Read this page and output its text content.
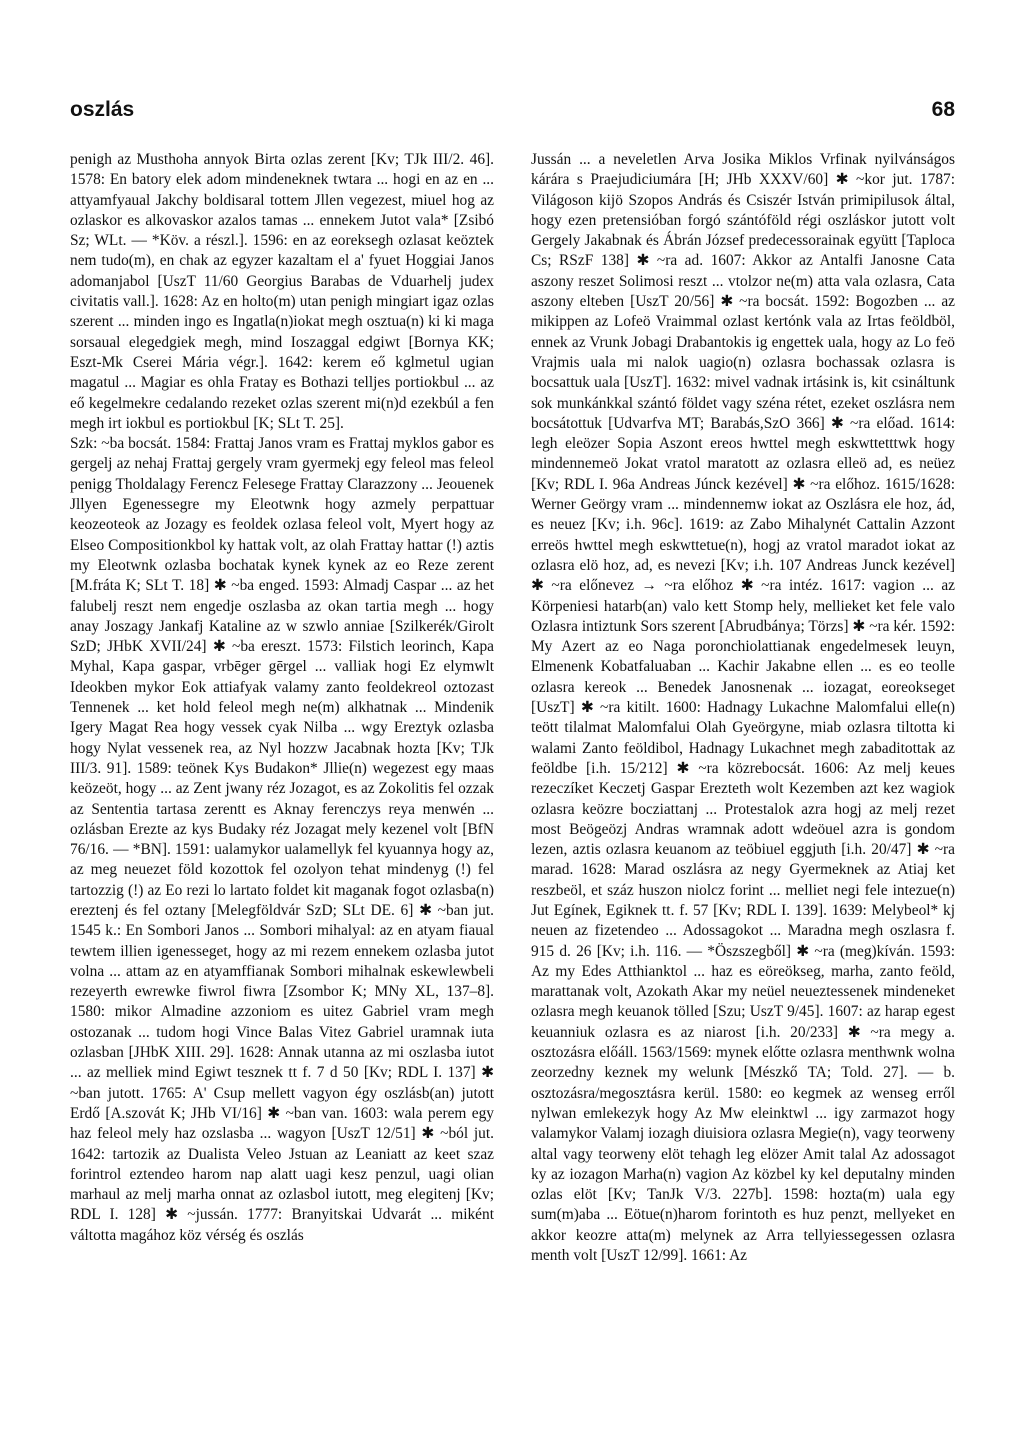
oszlás	68

penigh az Musthoha annyok Birta ozlas zerent [Kv; TJk III/2. 46]. 1578: En batory elek adom mindeneknek twtara ... hogi en az en ... attyamfyaual Jakchy boldisaral tottem Jllen vegezest, miuel hog az ozlaskor es alkovaskor azalos tamas ... ennekem Jutot vala* [Zsibó Sz; WLt. — *Köv. a részl.]. 1596: en az eoreksegh ozlasat keöztek nem tudo(m), en chak az egyzer kazaltam el a' fyuet Hoggiai Janos adomanjabol [UszT 11/60 Georgius Barabas de Vduarhelj judex civitatis vall.]. 1628: Az en holto(m) utan penigh mingiart igaz ozlas szerent ... minden ingo es Ingatla(n)iokat megh osztua(n) ki ki maga sorsaual elegedgiek megh, mind Ioszaggal edgiwt [Bornya KK; Eszt-Mk Cserei Mária végr.]. 1642: kerem eő kglmetul ugian magatul ... Magiar es ohla Fratay es Bothazi telljes portiokbul ... az eő kegelmekre cedalando rezeket ozlas szerent mi(n)d ezekbúl a fen megh irt iokbul es portiokbul [K; SLt T. 25].

Szk: ~ba bocsát. 1584: Frattaj Janos vram es Frattaj myklos gabor es gergelj az nehaj Frattaj gergely vram gyermekj egy feleol mas feleol penigg Tholdalagy Ferencz Felesege Frattay Clarazzony ... Jeouenek Jllyen Egenessegre my Eleotwnk hogy azmely perpattuar keozeoteok az Jozagy es feoldek ozlasa feleol volt, Myert hogy az Elseo Compositionkbol ky hattak volt, az olah Frattay hattar (!) aztis my Eleotwnk ozlasba bochatak kynek kynek az eo Reze zerent [M.fráta K; SLt T. 18] ✱ ~ba enged. 1593: Almadj Caspar ... az het falubelj reszt nem engedje oszlasba az okan tartia megh ... hogy anay Joszagy Jankafj Kataline az w szwlo anniae [Szilkerék/Girolt SzD; JHbK XVII/24] ✱ ~ba ereszt. 1573: Filstich leorinch, Kapa Myhal, Kapa gaspar, vrbēger gērgel ... valliak hogi Ez elymwlt Ideokben mykor Eok attiafyak valamy zanto feoldekreol oztozast Tennenek ... ket hold feleol megh ne(m) alkhatnak ... Mindenik Igery Magat Rea hogy vessek cyak Nilba ... wgy Ereztyk ozlasba hogy Nylat vessenek rea, az Nyl hozzw Jacabnak hozta [Kv; TJk III/3. 91]. 1589: teönek Kys Budakon* Jllie(n) wegezest egy maas keözeöt, hogy ... az Zent jwany réz Jozagot, es az Zokolitis fel ozzak az Sententia tartasa zerentt es Aknay ferenczys reya menwén ... ozlásban Erezte az kys Budaky réz Jozagat mely kezenel volt [BfN 76/16. — *BN]. 1591: ualamykor ualamellyk fel kyuannya hogy az, az meg neuezet föld kozottok fel ozolyon tehat mindenyg (!) fel tartozzig (!) az Eo rezi lo lartato foldet kit maganak fogot ozlasba(n) ereztenj és fel oztany [Melegföldvár SzD; SLt DE. 6] ✱ ~ban jut. 1545 k.: En Sombori Janos ... Sombori mihalyal: az en atyam fiaual tewtem illien igenesseget, hogy az mi rezem ennekem ozlasba jutot volna ... attam az en atyamffianak Sombori mihalnak eskewlewbeli rezeyerth ewrewke fiwrol fiwra [Zsombor K; MNy XL, 137–8]. 1580: mikor Almadine azzoniom es uitez Gabriel vram megh ostozanak ... tudom hogi Vince Balas Vitez Gabriel uramnak iuta ozlasban [JHbK XIII. 29]. 1628: Annak utanna az mi oszlasba iutot ... az melliek mind Egiwt tesznek tt f. 7 d 50 [Kv; RDL I. 137] ✱ ~ban jutott. 1765: A' Csup mellett vagyon égy oszlásb(an) jutott Erdő [A.szovát K; JHb VI/16] ✱ ~ban van. 1603: wala perem egy haz feleol mely haz ozslasba ... wagyon [UszT 12/51] ✱ ~ból jut. 1642: tartozik az Dualista Veleo Jstuan az Leaniatt az keet szaz forintrol eztendeo harom nap alatt uagi kesz penzul, uagi olian marhaul az melj marha onnat az ozlasbol iutott, meg elegitenj [Kv; RDL I. 128] ✱ ~jussán. 1777: Branyitskai Udvarát ... miként váltotta magához köz vérség és oszlás

Jussán ... a neveletlen Arva Josika Miklos Vrfinak nyilvánságos kárára s Praejudiciumára [H; JHb XXXV/60] ✱ ~kor jut. 1787: Világoson kijö Szopos András és Csiszér István primipilusok által, hogy ezen pretensióban forgó szántóföld régi oszláskor jutott volt Gergely Jakabnak és Ábrán József predecessorainak együtt [Taploca Cs; RSzF 138] ✱ ~ra ad. 1607: Akkor az Antalfi Janosne Cata aszony reszet Solimosi reszt ... vtolzor ne(m) atta vala ozlasra, Cata aszony elteben [UszT 20/56] ✱ ~ra bocsát. 1592: Bogozben ... az mikippen az Lofeö Vraimmal ozlast kertónk vala az Irtas feöldböl, ennek az Vrunk Jobagi Drabantokis ig engettek uala, hogy az Lo feö Vrajmis uala mi nalok uagio(n) ozlasra bochassak ozlasra is bocsattuk uala [UszT]. 1632: mivel vadnak irtásink is, kit csináltunk sok munkánkkal szántó földet vagy széna rétet, ezeket oszlásra nem bocsátottuk [Udvarfva MT; Barabás,SzO 366] ✱ ~ra előad. 1614: legh eleözer Sopia Aszont ereos hwttel megh eskwttetttwk hogy mindennemeö Jokat vratol maratott az ozlasra elleö ad, es neüez [Kv; RDL I. 96a Andreas Júnck kezével] ✱ ~ra előhoz. 1615/1628: Werner Geörgy vram ... mindennemw iokat az Oszlásra ele hoz, ád, es neuez [Kv; i.h. 96c]. 1619: az Zabo Mihalynét Cattalin Azzont erreös hwttel megh eskwttetue(n), hogj az vratol maradot iokat az ozlasra elö hoz, ad, es nevezi [Kv; i.h. 107 Andreas Junck kezével] ✱ ~ra előnevez → ~ra előhoz ✱ ~ra intéz. 1617: vagion ... az Körpeniesi hatarb(an) valo kett Stomp hely, mellieket ket fele valo Ozlasra intiztunk Sors szerent [Abrudbánya; Törzs] ✱ ~ra kér. 1592: My Azert az eo Naga poronchiolattianak engedelmesek leuyn, Elmenenk Kobatfaluaban ... Kachir Jakabne ellen ... es eo teolle ozlasra kereok ... Benedek Janosnenak ... iozagat, eoreokseget [UszT] ✱ ~ra kitilt. 1600: Hadnagy Lukachne Malomfalui elle(n) teött tilalmat Malomfalui Olah Gyeörgyne, miab ozlasra tiltotta ki walami Zanto feöldibol, Hadnagy Lukachnet megh zabaditottak az feöldbe [i.h. 15/212] ✱ ~ra közrebocsát. 1606: Az melj keues rezeczíket Keczetj Gaspar Erezteth wolt Kezemben azt kez wagiok ozlasra keözre bocziattanj ... Protestalok azra hogj az melj rezet most Beögeözj Andras wramnak adott wdeöuel azra is gondom lezen, aztis ozlasra keuanom az teöbiuel eggjuth [i.h. 20/47] ✱ ~ra marad. 1628: Marad oszlásra az negy Gyermeknek az Atiaj ket reszbeöl, et száz huszon niolcz forint ... melliet negi fele intezue(n) Jut Egínek, Egiknek tt. f. 57 [Kv; RDL I. 139]. 1639: Melybeol* kj neuen az fizetendeo ... Adossagokot ... Maradna megh oszlasra f. 915 d. 26 [Kv; i.h. 116. — *Öszszegből] ✱ ~ra (meg)kíván. 1593: Az my Edes Atthianktol ... haz es eöreökseg, marha, zanto feöld, marattanak volt, Azokath Akar my neüel neueztessenek mindeneket ozlasra megh keuanok tölled [Szu; UszT 9/45]. 1607: az harap egest keuanniuk ozlasra es az niarost [i.h. 20/233] ✱ ~ra megy a. osztozásra előáll. 1563/1569: mynek előtte ozlasra menthwnk wolna zeorzedny keznek my welunk [Mészkő TA; Told. 27]. — b. osztozásra/megosztásra kerül. 1580: eo kegmek az wenseg erről nylwan emlekezyk hogy Az Mw eleinktwl ... igy zarmazot hogy valamykor Valamj iozagh diuisiora ozlasra Megie(n), vagy teorweny altal vagy teorweny elöt tehagh leg elözer Amit talal Az adossagot ky az iozagon Marha(n) vagion Az közbel ky kel deputalny minden ozlas elöt [Kv; TanJk V/3. 227b]. 1598: hozta(m) uala egy sum(m)aba ... Eötue(n)harom forintoth es huz penzt, mellyeket en akkor keozre atta(m) melynek az Arra tellyiessegessen ozlasra menth volt [UszT 12/99]. 1661: Az
